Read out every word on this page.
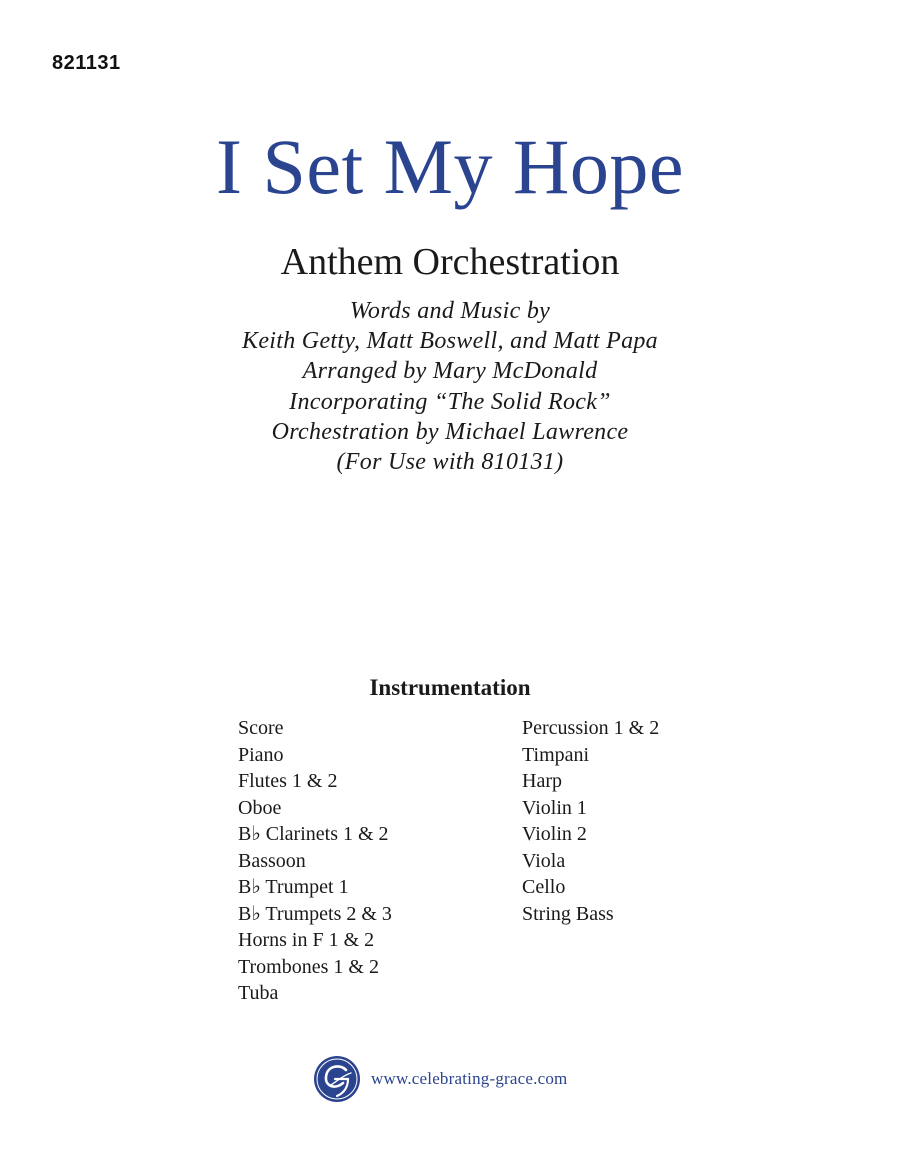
821131
I Set My Hope
Anthem Orchestration
Words and Music by
Keith Getty, Matt Boswell, and Matt Papa
Arranged by Mary McDonald
Incorporating “The Solid Rock”
Orchestration by Michael Lawrence
(For Use with 810131)
Instrumentation
Score
Piano
Flutes 1 & 2
Oboe
B♭ Clarinets 1 & 2
Bassoon
B♭ Trumpet 1
B♭ Trumpets 2 & 3
Horns in F 1 & 2
Trombones 1 & 2
Tuba
Percussion 1 & 2
Timpani
Harp
Violin 1
Violin 2
Viola
Cello
String Bass
www.celebrating-grace.com
